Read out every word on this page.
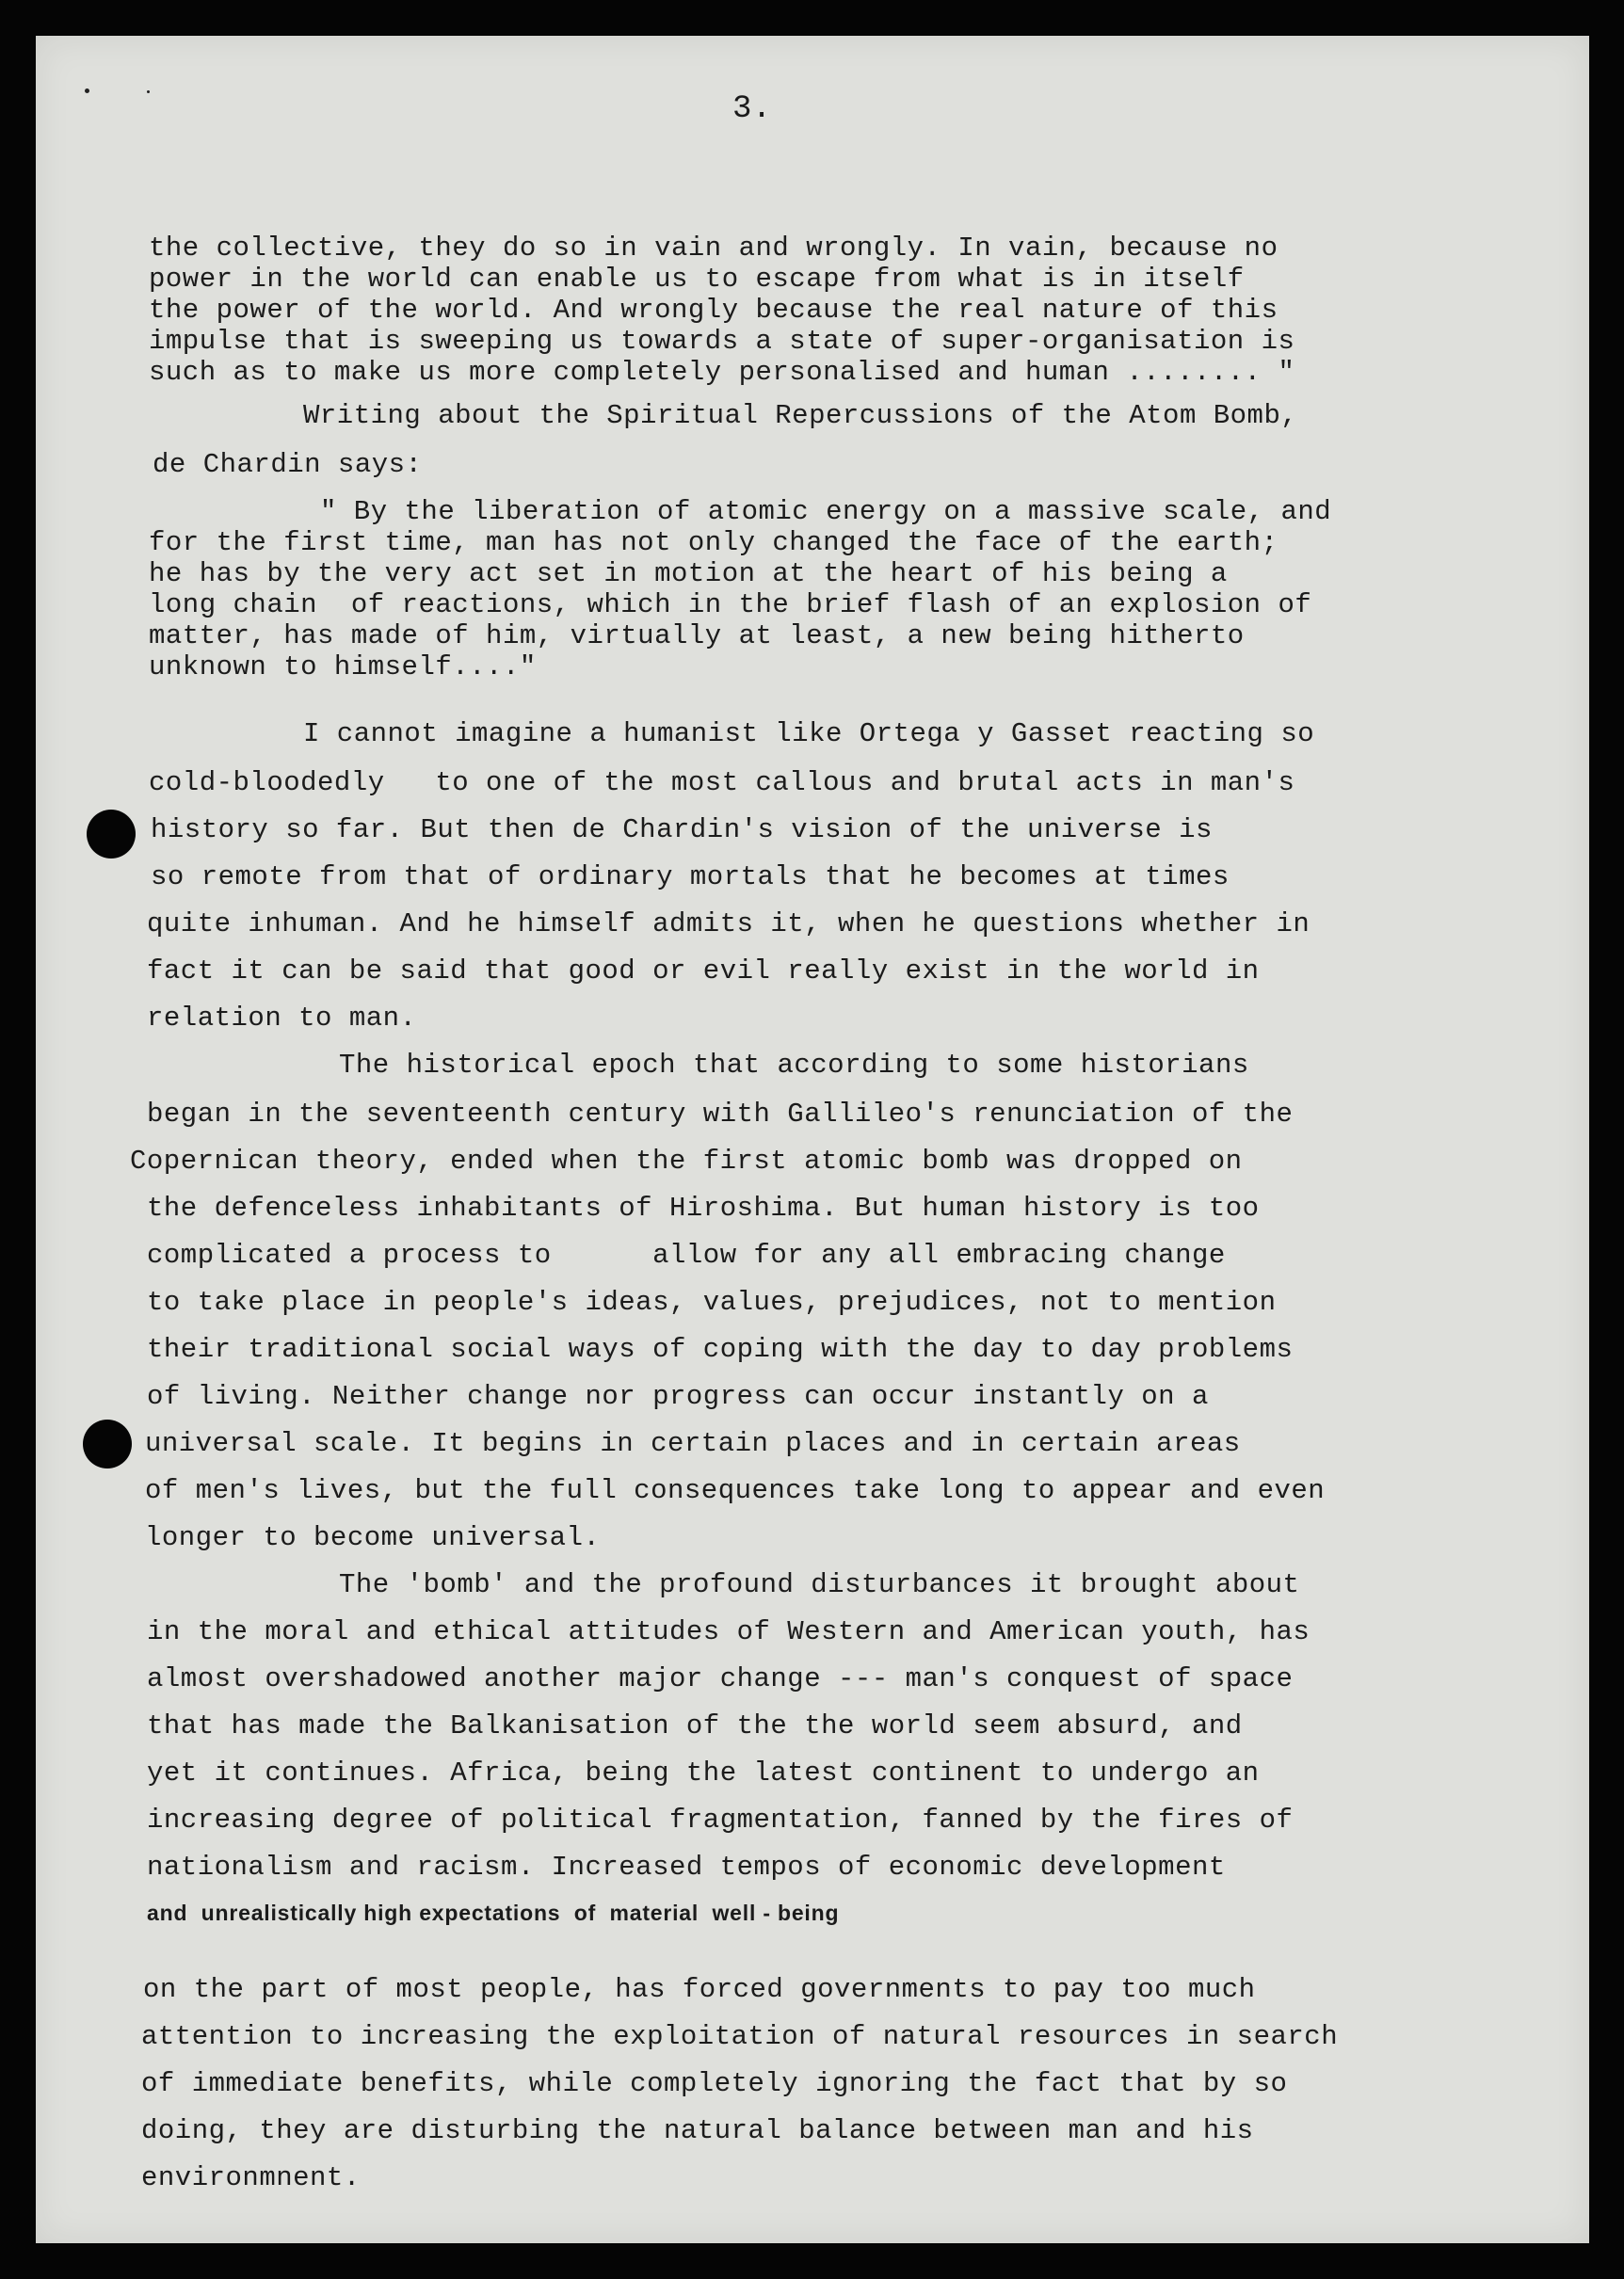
3.
the collective, they do so in vain and wrongly. In vain, because no
power in the world can enable us to escape from what is in itself
the power of the world. And wrongly because the real nature of this
impulse that is sweeping us towards a state of super-organisation is
such as to make us more completely personalised and human ........ "
Writing about the Spiritual Repercussions of the Atom Bomb,
de Chardin says:
" By the liberation of atomic energy on a massive scale, and
for the first time, man has not only changed the face of the earth;
he has by the very act set in motion at the heart of his being a
long chain  of reactions, which in the brief flash of an explosion of
matter, has made of him, virtually at least, a new being hitherto
unknown to himself...."
I cannot imagine a humanist like Ortega y Gasset reacting so
cold-bloodedly   to one of the most callous and brutal acts in man's
history so far. But then de Chardin's vision of the universe is
so remote from that of ordinary mortals that he becomes at times
quite inhuman. And he himself admits it, when he questions whether in
fact it can be said that good or evil really exist in the world in
relation to man.
The historical epoch that according to some historians
began in the seventeenth century with Gallileo's renunciation of the
Copernican theory, ended when the first atomic bomb was dropped on
the defenceless inhabitants of Hiroshima. But human history is too
complicated a process to      allow for any all embracing change
to take place in people's ideas, values, prejudices, not to mention
their traditional social ways of coping with the day to day problems
of living. Neither change nor progress can occur instantly on a
universal scale. It begins in certain places and in certain areas
of men's lives, but the full consequences take long to appear and even
longer to become universal.
The 'bomb' and the profound disturbances it brought about
in the moral and ethical attitudes of Western and American youth, has
almost overshadowed another major change --- man's conquest of space
that has made the Balkanisation of the the world seem absurd, and
yet it continues. Africa, being the latest continent to undergo an
increasing degree of political fragmentation, fanned by the fires of
nationalism and racism. Increased tempos of economic development
and  unrealistically high expectations  of  material  well - being
on the part of most people, has forced governments to pay too much
attention to increasing the exploitation of natural resources in search
of immediate benefits, while completely ignoring the fact that by so
doing, they are disturbing the natural balance between man and his
environmnent.
